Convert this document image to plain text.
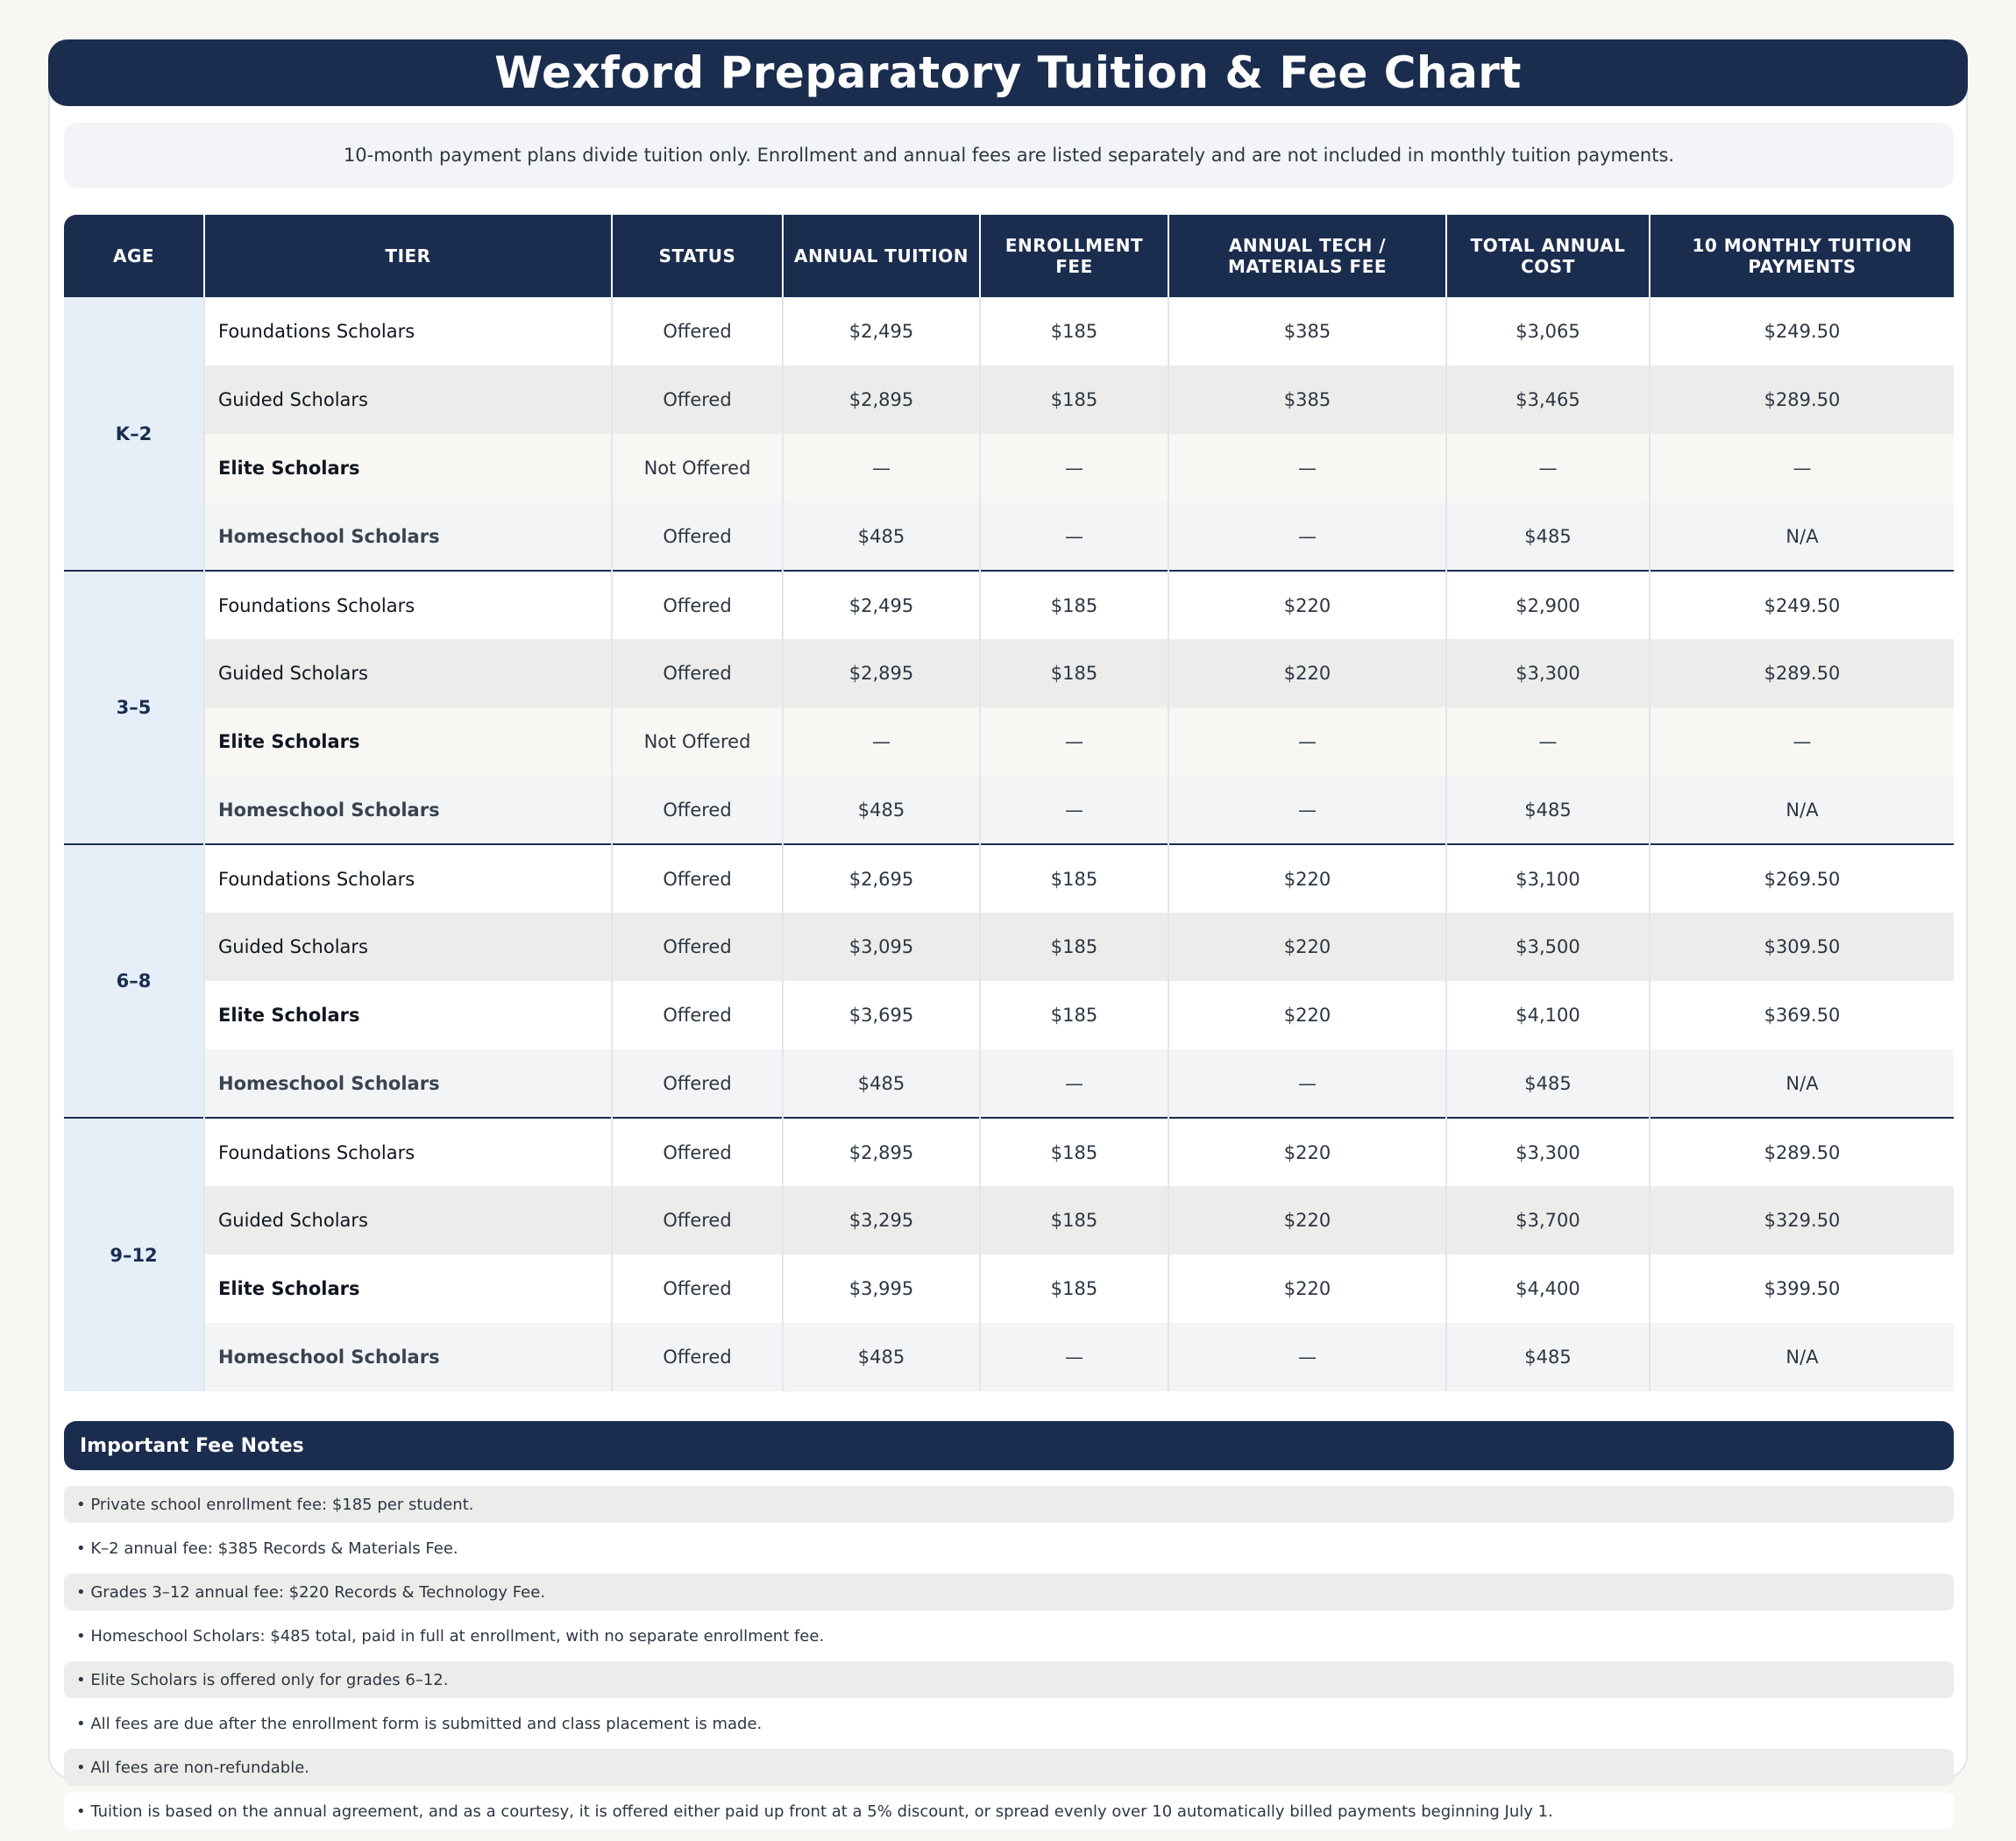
Wexford Preparatory Tuition & Fee Chart
10-month payment plans divide tuition only. Enrollment and annual fees are listed separately and are not included in monthly tuition payments.
AGE	TIER	STATUS	ANNUAL TUITION	ENROLLMENT FEE	ANNUAL TECH / MATERIALS FEE	TOTAL ANNUAL COST	10 MONTHLY TUITION PAYMENTS
K–2	Foundations Scholars	Offered	$2,495	$185	$385	$3,065	$249.50
	Guided Scholars	Offered	$2,895	$185	$385	$3,465	$289.50
	Elite Scholars	Not Offered	—	—	—	—	—
	Homeschool Scholars	Offered	$485	—	—	$485	N/A
3–5	Foundations Scholars	Offered	$2,495	$185	$220	$2,900	$249.50
	Guided Scholars	Offered	$2,895	$185	$220	$3,300	$289.50
	Elite Scholars	Not Offered	—	—	—	—	—
	Homeschool Scholars	Offered	$485	—	—	$485	N/A
6–8	Foundations Scholars	Offered	$2,695	$185	$220	$3,100	$269.50
	Guided Scholars	Offered	$3,095	$185	$220	$3,500	$309.50
	Elite Scholars	Offered	$3,695	$185	$220	$4,100	$369.50
	Homeschool Scholars	Offered	$485	—	—	$485	N/A
9–12	Foundations Scholars	Offered	$2,895	$185	$220	$3,300	$289.50
	Guided Scholars	Offered	$3,295	$185	$220	$3,700	$329.50
	Elite Scholars	Offered	$3,995	$185	$220	$4,400	$399.50
	Homeschool Scholars	Offered	$485	—	—	$485	N/A
Important Fee Notes
• Private school enrollment fee: $185 per student.
• K–2 annual fee: $385 Records & Materials Fee.
• Grades 3–12 annual fee: $220 Records & Technology Fee.
• Homeschool Scholars: $485 total, paid in full at enrollment, with no separate enrollment fee.
• Elite Scholars is offered only for grades 6–12.
• All fees are due after the enrollment form is submitted and class placement is made.
• All fees are non-refundable.
• Tuition is based on the annual agreement, and as a courtesy, it is offered either paid up front at a 5% discount, or spread evenly over 10 automatically billed payments beginning July 1.
